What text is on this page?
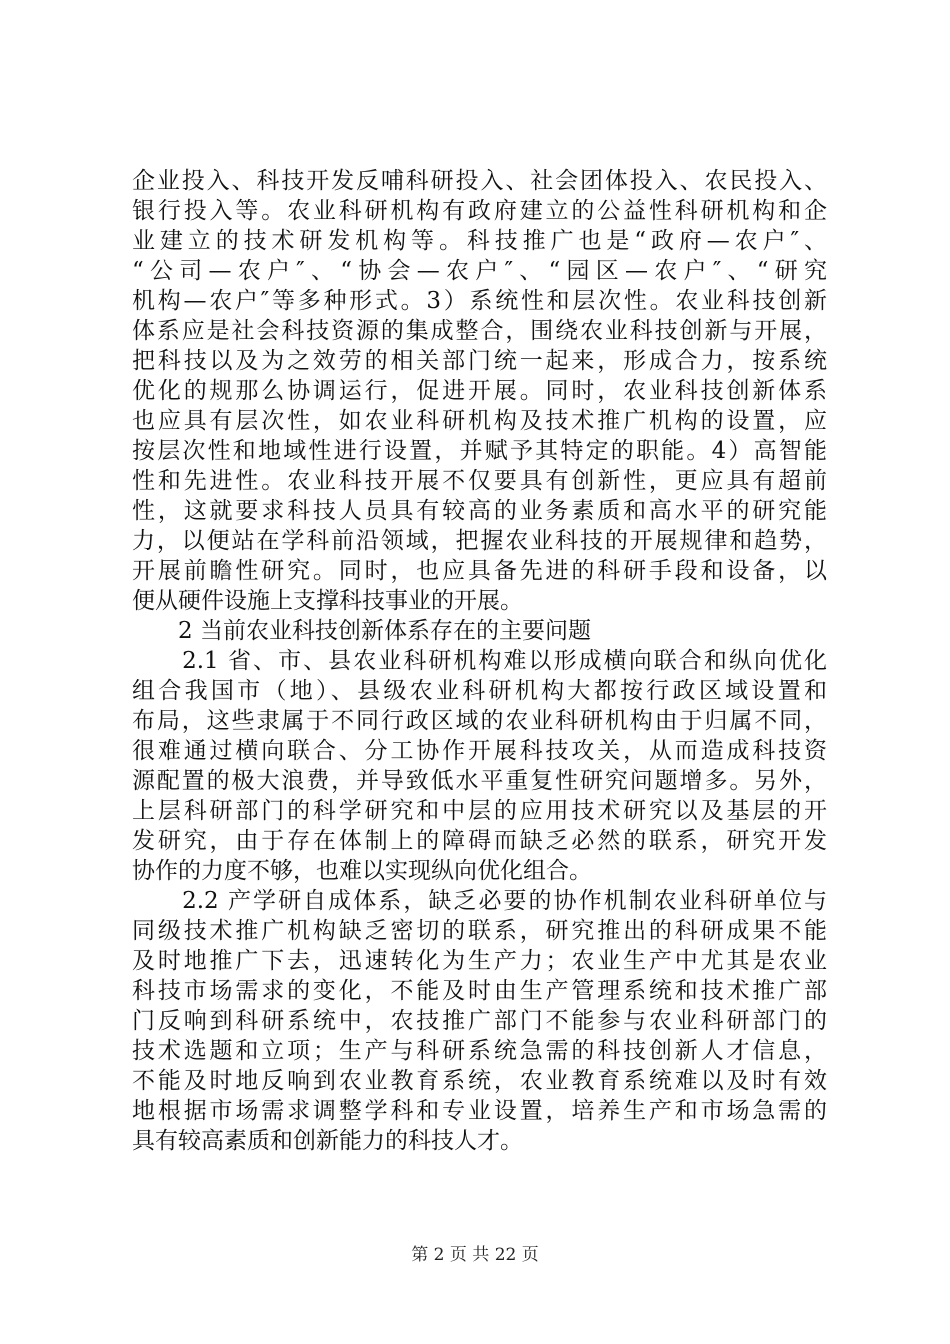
企业投入、科技开发反哺科研投入、社会团体投入、农民投入、
银行投入等。农业科研机构有政府建立的公益性科研机构和企
业建立的技术研发机构等。科技推广也是“政府—农户″、
“公司—农户″、“协会—农户″、“园区—农户″、“研究
机构—农户″等多种形式。3）系统性和层次性。农业科技创新
体系应是社会科技资源的集成整合，围绕农业科技创新与开展，
把科技以及为之效劳的相关部门统一起来，形成合力，按系统
优化的规那么协调运行，促进开展。同时，农业科技创新体系
也应具有层次性，如农业科研机构及技术推广机构的设置，应
按层次性和地域性进行设置，并赋予其特定的职能。4）高智能
性和先进性。农业科技开展不仅要具有创新性，更应具有超前
性，这就要求科技人员具有较高的业务素质和高水平的研究能
力，以便站在学科前沿领域，把握农业科技的开展规律和趋势，
开展前瞻性研究。同时，也应具备先进的科研手段和设备，以
便从硬件设施上支撑科技事业的开展。
　　2 当前农业科技创新体系存在的主要问题
　　2.1 省、市、县农业科研机构难以形成横向联合和纵向优化
组合我国市（地）、县级农业科研机构大都按行政区域设置和
布局，这些隶属于不同行政区域的农业科研机构由于归属不同，
很难通过横向联合、分工协作开展科技攻关，从而造成科技资
源配置的极大浪费，并导致低水平重复性研究问题增多。另外，
上层科研部门的科学研究和中层的应用技术研究以及基层的开
发研究，由于存在体制上的障碍而缺乏必然的联系，研究开发
协作的力度不够，也难以实现纵向优化组合。
　　2.2 产学研自成体系，缺乏必要的协作机制农业科研单位与
同级技术推广机构缺乏密切的联系，研究推出的科研成果不能
及时地推广下去，迅速转化为生产力；农业生产中尤其是农业
科技市场需求的变化，不能及时由生产管理系统和技术推广部
门反响到科研系统中，农技推广部门不能参与农业科研部门的
技术选题和立项；生产与科研系统急需的科技创新人才信息，
不能及时地反响到农业教育系统，农业教育系统难以及时有效
地根据市场需求调整学科和专业设置，培养生产和市场急需的
具有较高素质和创新能力的科技人才。
第 2 页 共 22 页
